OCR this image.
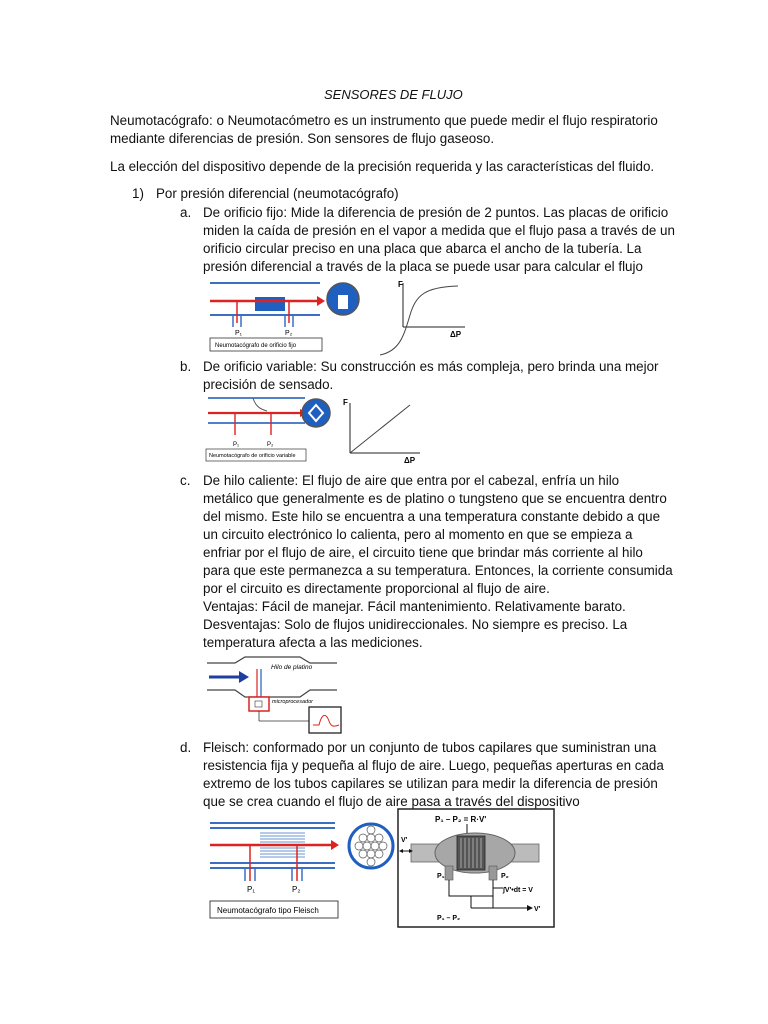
SENSORES DE FLUJO
Neumotacógrafo: o Neumotacómetro es un instrumento que puede medir el flujo respiratorio
mediante diferencias de presión. Son sensores de flujo gaseoso.
La elección del dispositivo depende de la precisión requerida y las características del fluido.
1) Por presión diferencial (neumotacógrafo)
a. De orificio fijo: Mide la diferencia de presión de 2 puntos. Las placas de orificio
miden la caída de presión en el vapor a medida que el flujo pasa a través de un
orificio circular preciso en una placa que abarca el ancho de la tubería. La
presión diferencial a través de la placa se puede usar para calcular el flujo
P₁	P₂
Neumotacógrafo de orificio fijo
F
ΔP
b. De orificio variable: Su construcción es más compleja, pero brinda una mejor
precisión de sensado.
P₁	P₂
Neumotacógrafo de orificio variable
F
ΔP
c. De hilo caliente: El flujo de aire que entra por el cabezal, enfría un hilo
metálico que generalmente es de platino o tungsteno que se encuentra dentro
del mismo. Este hilo se encuentra a una temperatura constante debido a que
un circuito electrónico lo calienta, pero al momento en que se empieza a
enfriar por el flujo de aire, el circuito tiene que brindar más corriente al hilo
para que este permanezca a su temperatura. Entonces, la corriente consumida
por el circuito es directamente proporcional al flujo de aire.
Ventajas: Fácil de manejar. Fácil mantenimiento. Relativamente barato.
Desventajas: Solo de flujos unidireccionales. No siempre es preciso. La
temperatura afecta a las mediciones.
Hilo de platino
microprocesador
d. Fleisch: conformado por un conjunto de tubos capilares que suministran una
resistencia fija y pequeña al flujo de aire. Luego, pequeñas aperturas en cada
extremo de los tubos capilares se utilizan para medir la diferencia de presión
que se crea cuando el flujo de aire pasa a través del dispositivo
P₁	P₂
Neumotacógrafo tipo Fleisch
P₁ – P₂ = R·V'
V'
P₁	P₂
∫V'•dt = V
V'
P₁ – P₂
